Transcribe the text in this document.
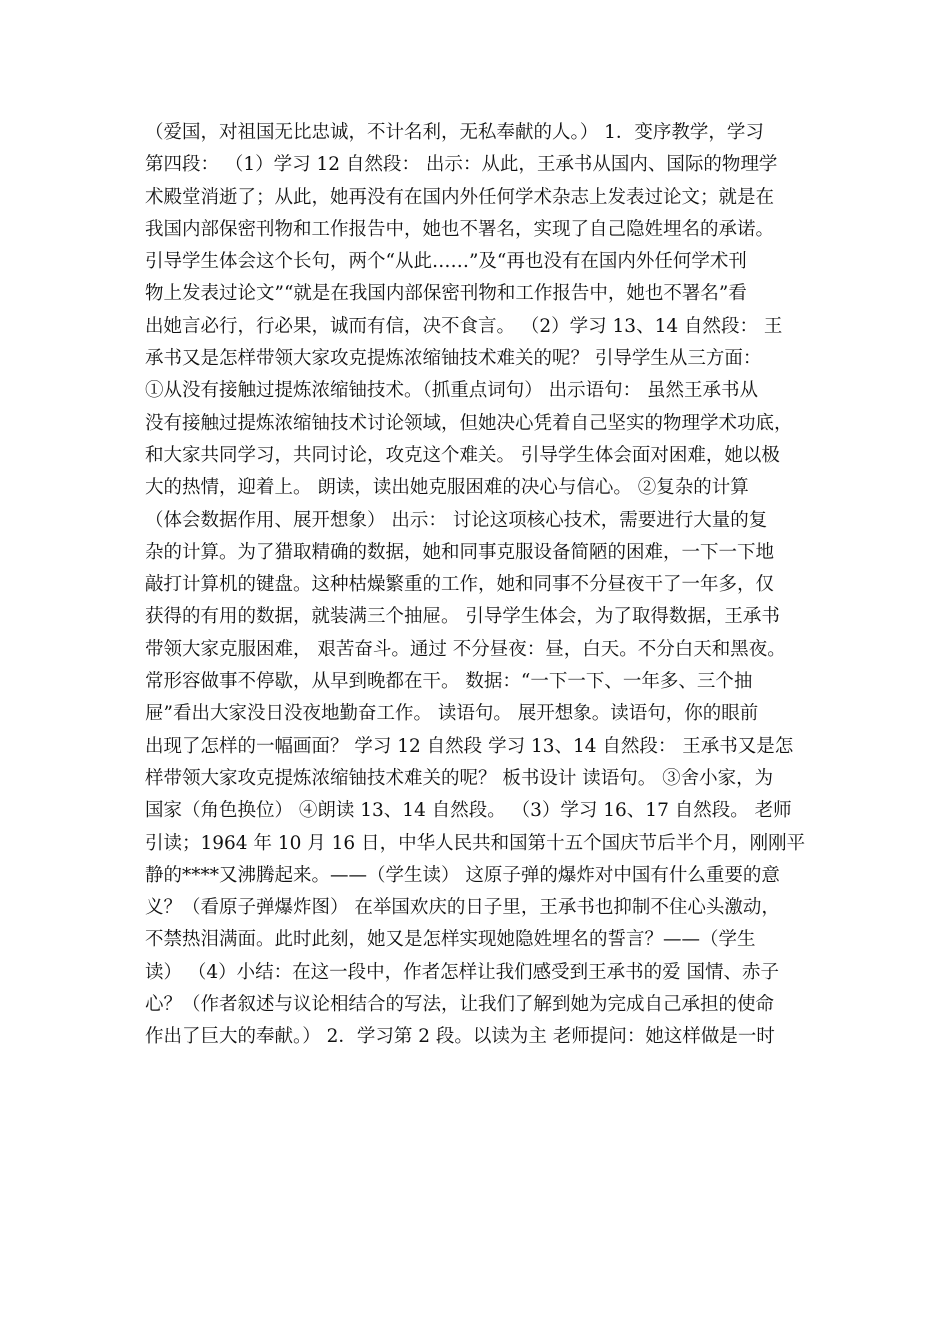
（爱国，对祖国无比忠诚，不计名利，无私奉献的人。） 1．变序教学，学习
第四段： （1）学习 12 自然段： 出示：从此，王承书从国内、国际的物理学
术殿堂消逝了；从此，她再没有在国内外任何学术杂志上发表过论文；就是在
我国内部保密刊物和工作报告中，她也不署名，实现了自己隐姓埋名的承诺。
引导学生体会这个长句，两个“从此……”及“再也没有在国内外任何学术刊
物上发表过论文”“就是在我国内部保密刊物和工作报告中，她也不署名”看
出她言必行，行必果，诚而有信，决不食言。 （2）学习 13、14 自然段： 王
承书又是怎样带领大家攻克提炼浓缩铀技术难关的呢？ 引导学生从三方面：
①从没有接触过提炼浓缩铀技术。（抓重点词句） 出示语句： 虽然王承书从
没有接触过提炼浓缩铀技术讨论领域，但她决心凭着自己坚实的物理学术功底，
和大家共同学习，共同讨论，攻克这个难关。 引导学生体会面对困难，她以极
大的热情，迎着上。 朗读，读出她克服困难的决心与信心。 ②复杂的计算
（体会数据作用、展开想象） 出示： 讨论这项核心技术，需要进行大量的复
杂的计算。为了猎取精确的数据，她和同事克服设备简陋的困难，一下一下地
敲打计算机的键盘。这种枯燥繁重的工作，她和同事不分昼夜干了一年多，仅
获得的有用的数据，就装满三个抽屉。 引导学生体会，为了取得数据，王承书
带领大家克服困难， 艰苦奋斗。通过 不分昼夜：昼，白天。不分白天和黑夜。
常形容做事不停歇，从早到晚都在干。 数据：“一下一下、一年多、三个抽
屉”看出大家没日没夜地勤奋工作。 读语句。 展开想象。读语句，你的眼前
出现了怎样的一幅画面？ 学习 12 自然段 学习 13、14 自然段： 王承书又是怎
样带领大家攻克提炼浓缩铀技术难关的呢？ 板书设计 读语句。 ③舍小家，为
国家（角色换位） ④朗读 13、14 自然段。 （3）学习 16、17 自然段。 老师
引读；1964 年 10 月 16 日，中华人民共和国第十五个国庆节后半个月，刚刚平
静的****又沸腾起来。——（学生读） 这原子弹的爆炸对中国有什么重要的意
义？（看原子弹爆炸图） 在举国欢庆的日子里，王承书也抑制不住心头激动，
不禁热泪满面。此时此刻，她又是怎样实现她隐姓埋名的誓言？——（学生
读） （4）小结：在这一段中，作者怎样让我们感受到王承书的爱 国情、赤子
心？（作者叙述与议论相结合的写法，让我们了解到她为完成自己承担的使命
作出了巨大的奉献。） 2．学习第 2 段。以读为主 老师提问：她这样做是一时
